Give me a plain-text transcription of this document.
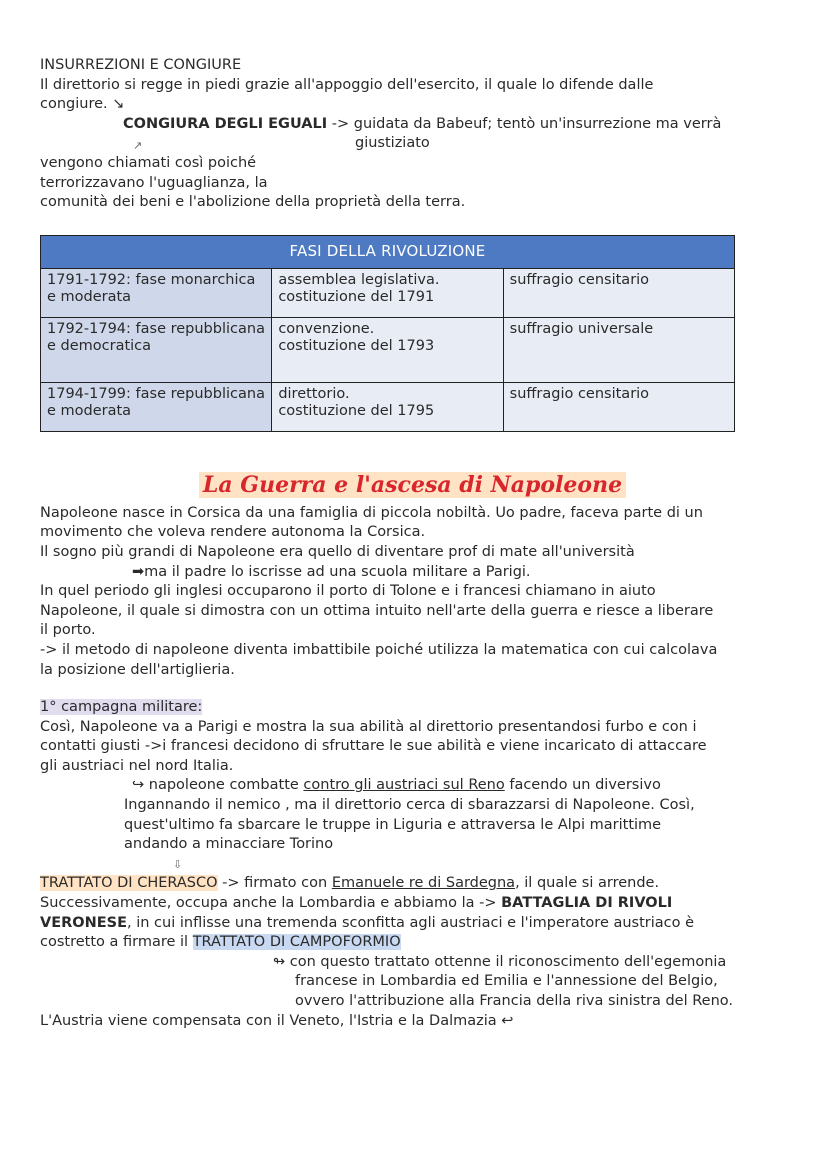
INSURREZIONI E CONGIURE
Il direttorio si regge in piedi grazie all'appoggio dell'esercito, il quale lo difende dalle
congiure. ↘
CONGIURA DEGLI EGUALI -> guidata da Babeuf; tentò un'insurrezione ma verrà
↗	giustiziato
vengono chiamati così poiché
terrorizzavano l'uguaglianza, la
comunità dei beni e l'abolizione della proprietà della terra.
FASI DELLA RIVOLUZIONE		
1791-1792: fase monarchica e moderata	assemblea legislativa.
costituzione del 1791	suffragio censitario
1792-1794: fase repubblicana e democratica	convenzione.
costituzione del 1793	suffragio universale
1794-1799: fase repubblicana e moderata	direttorio.
costituzione del 1795	suffragio censitario
La Guerra e l'ascesa di Napoleone
Napoleone nasce in Corsica da una famiglia di piccola nobiltà. Uo padre, faceva parte di un
movimento che voleva rendere autonoma la Corsica.
Il sogno più grandi di Napoleone era quello di diventare prof di mate all'università
➡ma il padre lo iscrisse ad una scuola militare a Parigi.
In quel periodo gli inglesi occuparono il porto di Tolone e i francesi chiamano in aiuto
Napoleone, il quale si dimostra con un ottima intuito nell'arte della guerra e riesce a liberare
il porto.
-> il metodo di napoleone diventa imbattibile poiché utilizza la matematica con cui calcolava
la posizione dell'artiglieria.
1° campagna militare:
Così, Napoleone va a Parigi e mostra la sua abilità al direttorio presentandosi furbo e con i
contatti giusti ->i francesi decidono di sfruttare le sue abilità e viene incaricato di attaccare
gli austriaci nel nord Italia.
↪ napoleone combatte contro gli austriaci sul Reno facendo un diversivo
Ingannando il nemico , ma il direttorio cerca di sbarazzarsi di Napoleone. Così,
quest'ultimo fa sbarcare le truppe in Liguria e attraversa le Alpi marittime
andando a minacciare Torino
⇩
TRATTATO DI CHERASCO -> firmato con Emanuele re di Sardegna, il quale si arrende.
Successivamente, occupa anche la Lombardia e abbiamo la -> BATTAGLIA DI RIVOLI
VERONESE, in cui inflisse una tremenda sconfitta agli austriaci e l'imperatore austriaco è
costretto a firmare il TRATTATO DI CAMPOFORMIO
↬ con questo trattato ottenne il riconoscimento dell'egemonia
francese in Lombardia ed Emilia e l'annessione del Belgio,
ovvero l'attribuzione alla Francia della riva sinistra del Reno.
L'Austria viene compensata con il Veneto, l'Istria e la Dalmazia ↩
